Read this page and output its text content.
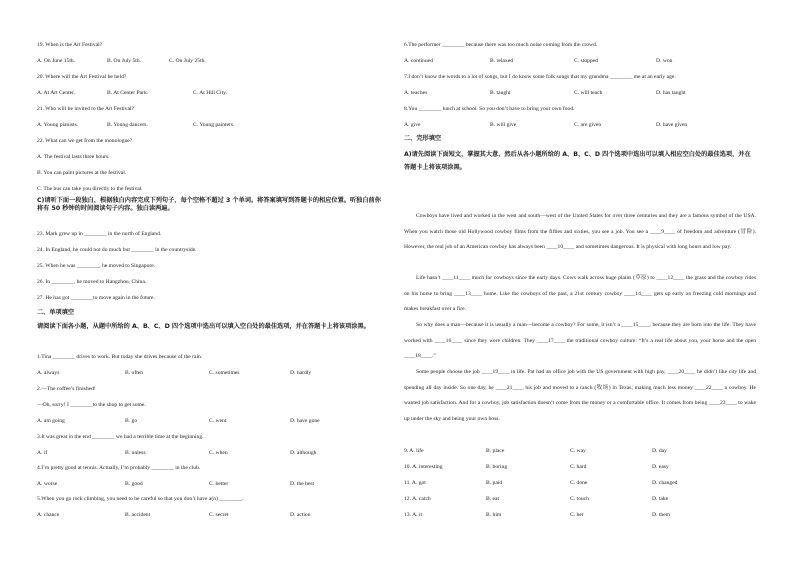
19. When is the Art Festival?
A. On June 15th.	B. On July 5th.	C. On July 25th.
20. Where will the Art Festival be held?
A. At Art Center.	B. At Center Park.	C. At Hill City.
21. Who will be invited to the Art Festival?
A. Young pianists.	B. Young dancers.	C. Young painters.
22. What can we get from the monologue?
A. The festival lasts three hours.
B. You can paint pictures at the festival.
C. The bus can take you directly to the festival.
C)请听下面一段独白，根据独白内容完成下列句子，每个空格不超过 3 个单词。将答案填写到答题卡的相应位置。听独白前你将有 50 秒钟的时间阅读句子内容。独白读两遍。
23. Mark grew up in ________ in the north of England.
24. In England, he could not do much but ________ in the countryside.
25. When he was ________, he moved to Singapore.
26. In ________, he moved to Hangzhou, China.
27. He has got ________to move again in the future.
二、单项填空
请阅读下面各小题，从题中所给的 A、B、C、D 四个选项中选出可以填入空白处的最佳选项，并在答题卡上将该项涂黑。
1.Tina ________ drives to work. But today she drives because of the rain.
A. always	B. often	C. sometimes	D. hardly
2.—The coffee’s finished!
—Oh, sorry! I ________to the shop to get some.
A. am going	B. go	C. went	D. have gone
3.It was great in the end ________ we had a terrible time at the beginning.
A. if	B. unless	C. when	D. although
4.I’m pretty good at tennis. Actually, I’m probably ________ in the club.
A. worse	B. good	C. better	D. the best
5.When you go rock climbing, you need to be careful so that you don’t have a(n) ________.
A. chance	B. accident	C. secret	D. action
6.The performer ________ because there was too much noise coming from the crowd.
A. continued	B. relaxed	C. stopped	D. won
7.I don’t know the words to a lot of songs, but I do know some folk songs that my grandma ________ me at an early age.
A. teaches	B. taught	C. will teach	D. has taught
8.You ________ lunch at school. So you don’t have to bring your own food.
A. give	B. will give	C. are given	D. have given
二、完形填空
A)请先阅读下面短文，掌握其大意，然后从各小题所给的 A、B、C、D 四个选项中选出可以填入相应空白处的最佳选项，并在答题卡上将该项涂黑。
Cowboys have lived and worked in the west and south—west of the United States for over three centuries and they are a famous symbol of the USA. When you watch those old Hollywood cowboy films from the fifties and sixties, you see a job. You see a ____9____ of freedom and adventure (冒险). However, the real job of an American cowboy has always been ____10____ and sometimes dangerous. It is physical with long hours and low pay.
Life hasn’t ____11____ much for cowboys since the early days. Cows walk across huge plains (草原) to ____12____ the grass and the cowboy rides on his horse to bring ____13____ home. Like the cowboys of the past, a 21st century cowboy ____14____ gets up early on freezing cold mornings and makes breakfast over a fire.
So why does a man—because it is usually a man—become a cowboy? For some, it isn’t a ____15____, because they are born into the life. They have worked with ____16____ since they were children. They ____17____ the traditional cowboy culture: “It’s a real life about you, your horse and the open ____18____.”
Some people choose the job ____19____ in life. Pat had an office job with the US government with high pay, ____20____ he didn’t like city life and spending all day inside. So one day, he ____21____ his job and moved to a ranch (牧场) in Texas, making much less money ____22____ a cowboy. He wanted job satisfaction. And for a cowboy, job satisfaction doesn’t come from the money or a comfortable office. It comes from being ____23____ to wake up under the sky and being your own boss.
9. A. life	B. place	C. way	D. day
10. A. interesting	B. boring	C. hard	D. easy
11. A. got	B. paid	C. done	D. changed
12. A. catch	B. eat	C. touch	D. take
13. A. it	B. him	C. her	D. them
